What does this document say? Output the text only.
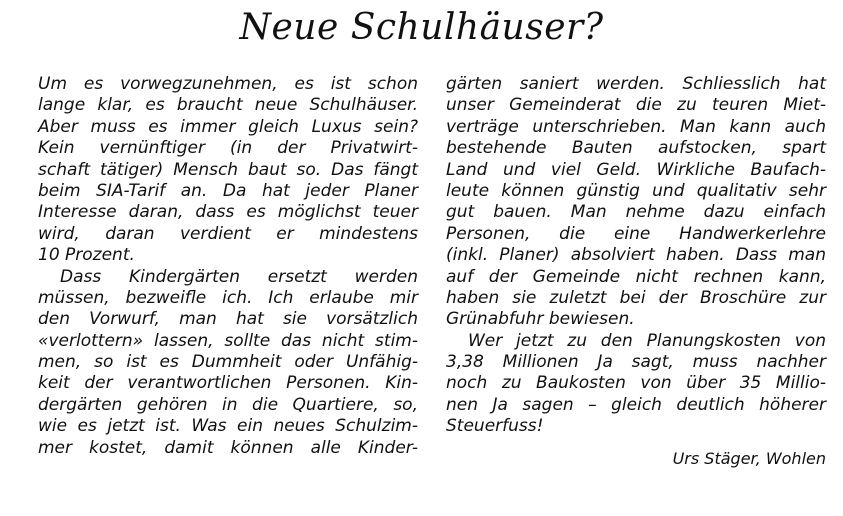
Neue Schulhäuser?
Um es vorwegzunehmen, es ist schon
lange klar, es braucht neue Schulhäuser.
Aber muss es immer gleich Luxus sein?
Kein vernünftiger (in der Privatwirt-
schaft tätiger) Mensch baut so. Das fängt
beim SIA-Tarif an. Da hat jeder Planer
Interesse daran, dass es möglichst teuer
wird, daran verdient er mindestens
10 Prozent.
Dass Kindergärten ersetzt werden
müssen, bezweifle ich. Ich erlaube mir
den Vorwurf, man hat sie vorsätzlich
«verlottern» lassen, sollte das nicht stim-
men, so ist es Dummheit oder Unfähig-
keit der verantwortlichen Personen. Kin-
dergärten gehören in die Quartiere, so,
wie es jetzt ist. Was ein neues Schulzim-
mer kostet, damit können alle Kinder-
gärten saniert werden. Schliesslich hat
unser Gemeinderat die zu teuren Miet-
verträge unterschrieben. Man kann auch
bestehende Bauten aufstocken, spart
Land und viel Geld. Wirkliche Baufach-
leute können günstig und qualitativ sehr
gut bauen. Man nehme dazu einfach
Personen, die eine Handwerkerlehre
(inkl. Planer) absolviert haben. Dass man
auf der Gemeinde nicht rechnen kann,
haben sie zuletzt bei der Broschüre zur
Grünabfuhr bewiesen.
Wer jetzt zu den Planungskosten von
3,38 Millionen Ja sagt, muss nachher
noch zu Baukosten von über 35 Millio-
nen Ja sagen – gleich deutlich höherer
Steuerfuss!
Urs Stäger, Wohlen
